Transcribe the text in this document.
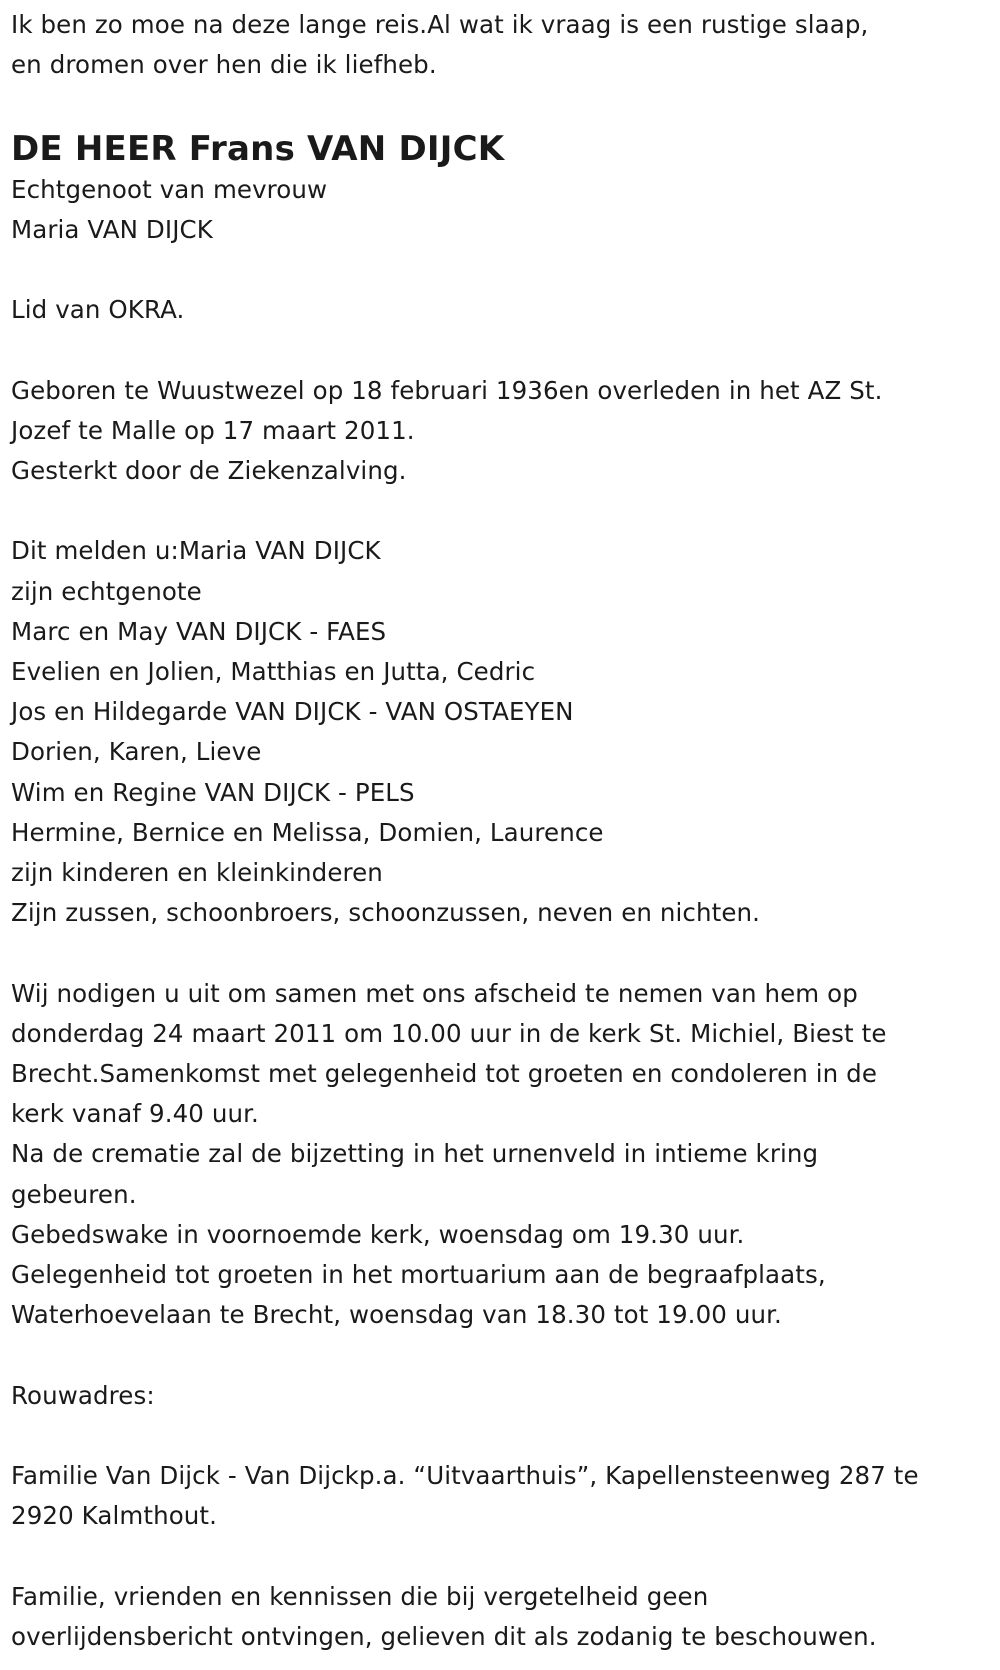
Ik ben zo moe na deze lange reis.Al wat ik vraag is een rustige slaap,
en dromen over hen die ik liefheb.
DE HEER Frans VAN DIJCK
Echtgenoot van mevrouw
Maria VAN DIJCK
Lid van OKRA.
Geboren te Wuustwezel op 18 februari 1936en overleden in het AZ St.
Jozef te Malle op 17 maart 2011.
Gesterkt door de Ziekenzalving.
Dit melden u:Maria VAN DIJCK
zijn echtgenote
Marc en May VAN DIJCK - FAES
Evelien en Jolien, Matthias en Jutta, Cedric
Jos en Hildegarde VAN DIJCK - VAN OSTAEYEN
Dorien, Karen, Lieve
Wim en Regine VAN DIJCK - PELS
Hermine, Bernice en Melissa, Domien, Laurence
zijn kinderen en kleinkinderen
Zijn zussen, schoonbroers, schoonzussen, neven en nichten.
Wij nodigen u uit om samen met ons afscheid te nemen van hem op
donderdag 24 maart 2011 om 10.00 uur in de kerk St. Michiel, Biest te
Brecht.Samenkomst met gelegenheid tot groeten en condoleren in de
kerk vanaf 9.40 uur.
Na de crematie zal de bijzetting in het urnenveld in intieme kring
gebeuren.
Gebedswake in voornoemde kerk, woensdag om 19.30 uur.
Gelegenheid tot groeten in het mortuarium aan de begraafplaats,
Waterhoevelaan te Brecht, woensdag van 18.30 tot 19.00 uur.
Rouwadres:
Familie Van Dijck - Van Dijckp.a. “Uitvaarthuis”, Kapellensteenweg 287 te
2920 Kalmthout.
Familie, vrienden en kennissen die bij vergetelheid geen
overlijdensbericht ontvingen, gelieven dit als zodanig te beschouwen.
